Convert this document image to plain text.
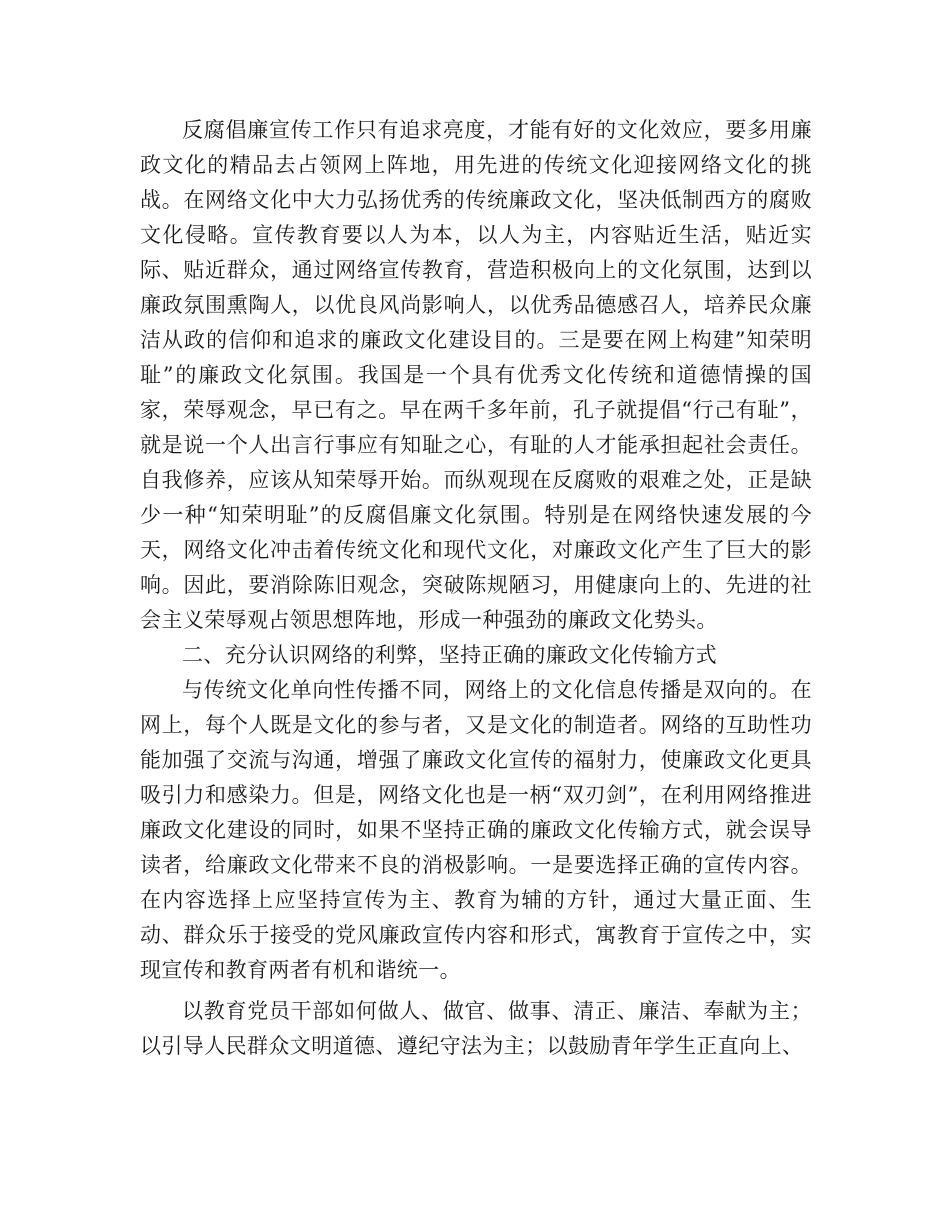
反腐倡廉宣传工作只有追求亮度，才能有好的文化效应，要多用廉政文化的精品去占领网上阵地，用先进的传统文化迎接网络文化的挑战。在网络文化中大力弘扬优秀的传统廉政文化，坚决低制西方的腐败文化侵略。宣传教育要以人为本，以人为主，内容贴近生活，贴近实际、贴近群众，通过网络宣传教育，营造积极向上的文化氛围，达到以廉政氛围熏陶人，以优良风尚影响人，以优秀品德感召人，培养民众廉洁从政的信仰和追求的廉政文化建设目的。三是要在网上构建”知荣明耻”的廉政文化氛围。我国是一个具有优秀文化传统和道德情操的国家，荣辱观念，早已有之。早在两千多年前，孔子就提倡“行己有耻”，就是说一个人出言行事应有知耻之心，有耻的人才能承担起社会责任。自我修养，应该从知荣辱开始。而纵观现在反腐败的艰难之处，正是缺少一种“知荣明耻”的反腐倡廉文化氛围。特别是在网络快速发展的今天，网络文化冲击着传统文化和现代文化，对廉政文化产生了巨大的影响。因此，要消除陈旧观念，突破陈规陋习，用健康向上的、先进的社会主义荣辱观占领思想阵地，形成一种强劲的廉政文化势头。

二、充分认识网络的利弊，坚持正确的廉政文化传输方式

与传统文化单向性传播不同，网络上的文化信息传播是双向的。在网上，每个人既是文化的参与者，又是文化的制造者。网络的互助性功能加强了交流与沟通，增强了廉政文化宣传的福射力，使廉政文化更具吸引力和感染力。但是，网络文化也是一柄“双刃剑”，在利用网络推进廉政文化建设的同时，如果不坚持正确的廉政文化传输方式，就会误导读者，给廉政文化带来不良的消极影响。一是要选择正确的宣传内容。在内容选择上应坚持宣传为主、教育为辅的方针，通过大量正面、生动、群众乐于接受的党风廉政宣传内容和形式，寓教育于宣传之中，实现宣传和教育两者有机和谐统一。

以教育党员干部如何做人、做官、做事、清正、廉洁、奉献为主；以引导人民群众文明道德、遵纪守法为主；以鼓励青年学生正直向上、
